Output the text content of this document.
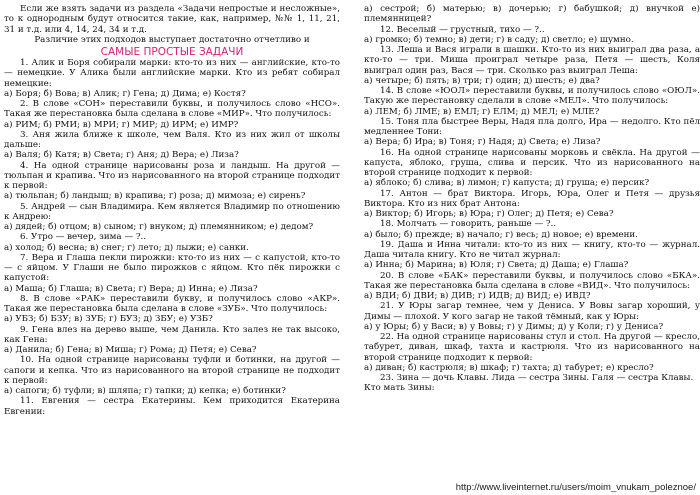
Если же взять задачи из раздела «Задачи непростые и несложные», то к однородным будут относится такие, как, например, №№ 1, 11, 21, 31 и т.д. или 4, 14, 24, 34 и т.д.

Различие этих подходов выступает достаточно отчетливо и

САМЫЕ ПРОСТЫЕ ЗАДАЧИ

1. Алик и Боря собирали марки: кто-то из них — английские, кто-то — немецкие. У Алика были английские марки. Кто из ребят собирал немецкие:

а) Боря; б) Вова; в) Алик; г) Гена; д) Дима; е) Костя?

2. В слове «СОН» переставили буквы, и получилось слово «НСО». Такая же перестановка была сделана в слове «МИР». Что получилось:

а) РИМ; б) РМИ; в) МРИ; г) МИР; д) ИРМ; е) ИМР?

3. Аня жила ближе к школе, чем Валя. Кто из них жил от школы дальше:

а) Валя; б) Катя; в) Света; г) Аня; д) Вера; е) Лиза?

4. На одной странице нарисованы роза и ландыш. На другой — тюльпан и крапива. Что из нарисованного на второй странице подходит к первой:

а) тюльпан; б) ландыш; в) крапива; г) роза; д) мимоза; е) сирень?

5. Андрей — сын Владимира. Кем является Владимир по отношению к Андрею:

а) дядей; б) отцом; в) сыном; г) внуком; д) племянником; е) дедом?

6. Утро — вечер, зима — ?..

а) холод; б) весна; в) снег; г) лето; д) лыжи; е) санки.

7. Вера и Глаша пекли пирожки: кто-то из них — с капустой, кто-то — с яйцом. У Глаши не было пирожков с яйцом. Кто пёк пирожки с капустой:

а) Маша; б) Глаша; в) Света; г) Вера; д) Инна; е) Лиза?

8. В слове «РАК» переставили букву, и получилось слово «АКР». Такая же перестановка была сделана в слове «ЗУБ». Что получилось:

а) УБЗ; б) БЗУ; в) ЗУБ; г) БУЗ; д) ЗБУ; е) УЗБ?

9. Гена влез на дерево выше, чем Данила. Кто залез не так высоко, как Гена:

а) Данила; б) Гена; в) Миша; г) Рома; д) Петя; е) Сева?

10. На одной странице нарисованы туфли и ботинки, на другой — сапоги и кепка. Что из нарисованного на второй странице не подходит к первой:

а) сапоги; б) туфли; в) шляпа; г) тапки; д) кепка; е) ботинки?

11. Евгения — сестра Екатерины. Кем приходится Екатерина Евгении:

а) сестрой; б) матерью; в) дочерью; г) бабушкой; д) внучкой е) племянницей?

12. Веселый — грустный, тихо — ?..

а) громко; б) темно; в) дети; г) в саду; д) светло; е) шумно.

13. Леша и Вася играли в шашки. Кто-то из них выиграл два раза, а кто-то — три. Миша проиграл четыре раза, Петя — шесть, Коля выиграл один раз, Вася — три. Сколько раз выиграл Леша:

а) четыре; б) пять; в) три; г) один; д) шесть; е) два?

14. В слове «ЮОЛ» переставили буквы, и получилось слово «ОЮЛ». Такую же перестановку сделали в слове «МЕЛ». Что получилось:

а) ЛЕМ; б) ЛМЕ; в) ЕМЛ; г) ЕЛМ; д) МЕЛ; е) МЛЕ?

15. Тоня пла быстрее Веры, Надя пла долго, Ира — недолго. Кто пёл медленнее Тони:

а) Вера; б) Ира; в) Тоня; г) Надя; д) Света; е) Лиза?

16. На одной странице нарисованы морковь и свёкла. На другой — капуста, яблоко, груша, слива и персик. Что из нарисованного на второй странице подходит к первой:

а) яблоко; б) слива; в) лимон; г) капуста; д) груша; е) персик?

17. Антон — брат Виктора. Игорь, Юра, Олег и Петя — друзья Виктора. Кто из них брат Антона:

а) Виктор; б) Игорь; в) Юра; г) Олег; д) Петя; е) Сева?

18. Молчать — говорить, раньше — ?..

а) было; б) прежде; в) начало; г) весь; д) новое; е) времени.

19. Даша и Инна читали: кто-то из них — книгу, кто-то — журнал. Даша читала книгу. Кто не читал журнал:

а) Инна; б) Марина; в) Юля; г) Света; д) Даша; е) Глаша?

20. В слове «БАК» переставили буквы, и получилось слово «БКА». Такая же перестановка была сделана в слове «ВИД». Что получилось:

а) ВДИ; б) ДВИ; в) ДИВ; г) ИДВ; д) ВИД; е) ИВД?

21. У Юры загар темнее, чем у Дениса. У Вовы загар хороший, у Димы — плохой. У кого загар не такой тёмный, как у Юры:

а) у Юры; б) у Васи; в) у Вовы; г) у Димы; д) у Коли; г) у Дениса?

22. На одной странице нарисованы стул и стол. На другой — кресло, табурет, диван, шкаф, тахта и кастрюля. Что из нарисованного на второй странице подходит к первой:

а) диван; б) кастрюля; в) шкаф; г) тахта; д) табурет; е) кресло?

23. Зина — дочь Клавы. Лида — сестра Зины. Галя — сестра Клавы.

Кто мать Зины:

http://www.liveinternet.ru/users/moim_vnukam_poleznoe/
